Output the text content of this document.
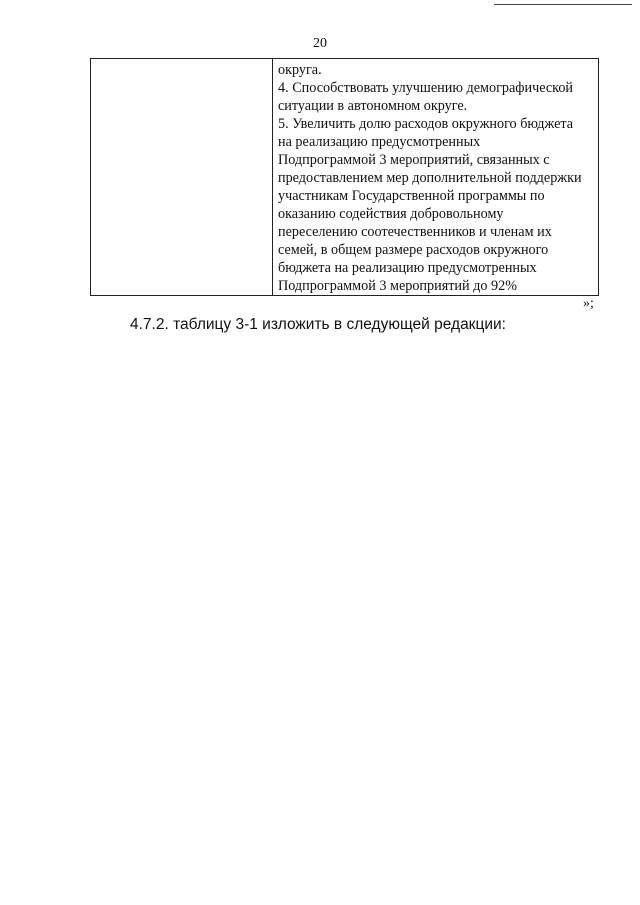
20

округа.
4. Способствовать улучшению демографической
ситуации в автономном округе.
5. Увеличить долю расходов окружного бюджета
на реализацию предусмотренных
Подпрограммой 3 мероприятий, связанных с
предоставлением мер дополнительной поддержки
участникам Государственной программы по
оказанию содействия добровольному
переселению соотечественников и членам их
семей, в общем размере расходов окружного
бюджета на реализацию предусмотренных
Подпрограммой 3 мероприятий до 92%
»;
4.7.2. таблицу 3-1 изложить в следующей редакции:
